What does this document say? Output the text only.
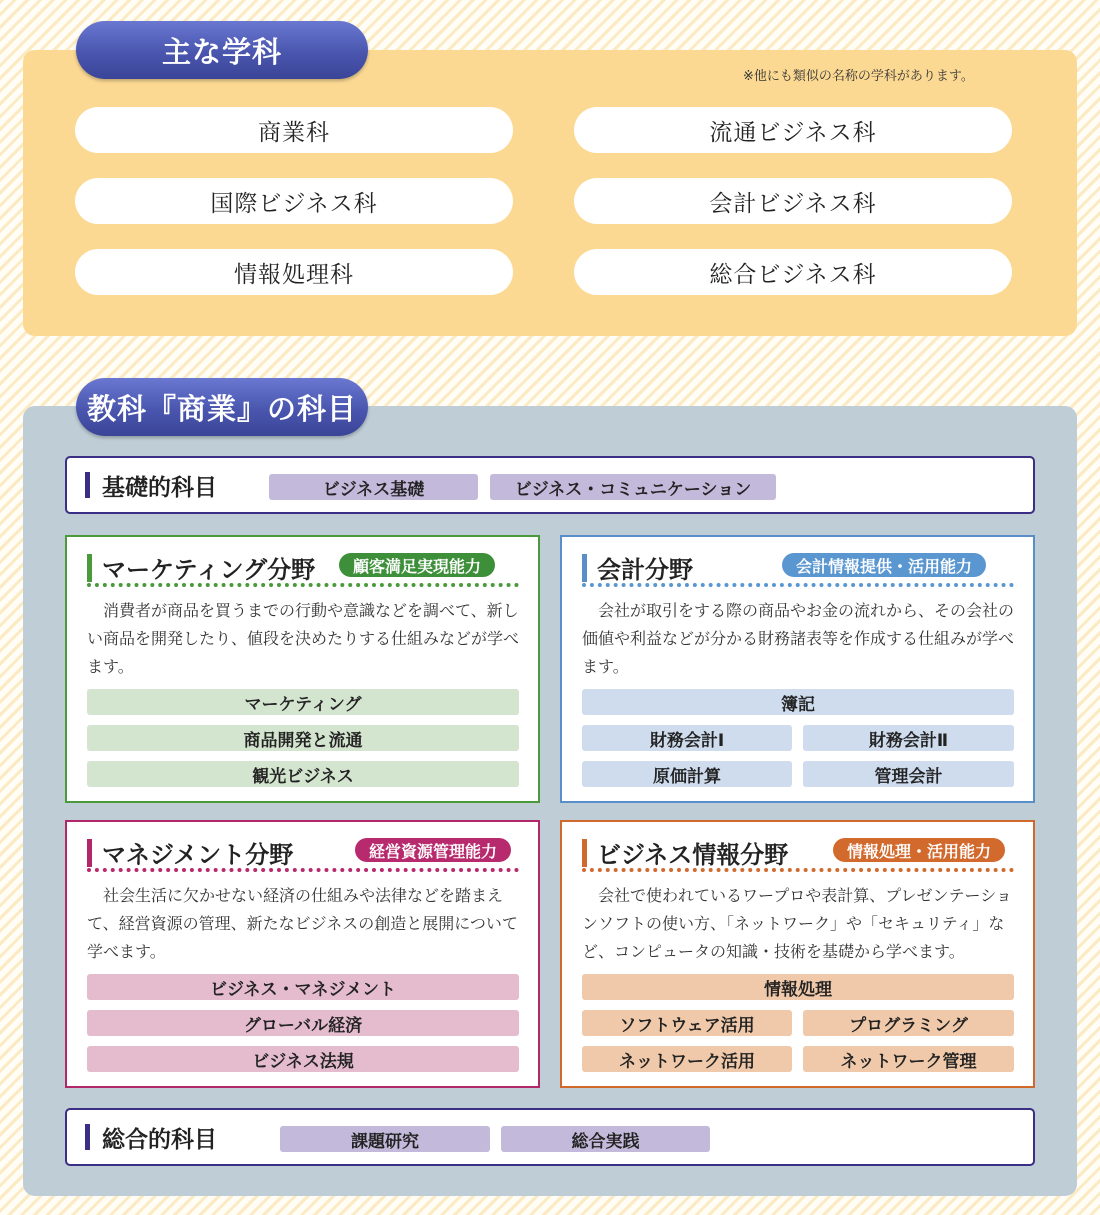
主な学科
※他にも類似の名称の学科があります。
商業科	流通ビジネス科
国際ビジネス科	会計ビジネス科
情報処理科	総合ビジネス科
教科『商業』の科目
基礎的科目	ビジネス基礎	ビジネス・コミュニケーション
マーケティング分野	顧客満足実現能力
消費者が商品を買うまでの行動や意識などを調べて、新しい商品を開発したり、値段を決めたりする仕組みなどが学べます。
マーケティング
商品開発と流通
観光ビジネス
会計分野	会計情報提供・活用能力
会社が取引をする際の商品やお金の流れから、その会社の価値や利益などが分かる財務諸表等を作成する仕組みが学べます。
簿記
財務会計Ⅰ	財務会計Ⅱ
原価計算	管理会計
マネジメント分野	経営資源管理能力
社会生活に欠かせない経済の仕組みや法律などを踏まえて、経営資源の管理、新たなビジネスの創造と展開について学べます。
ビジネス・マネジメント
グローバル経済
ビジネス法規
ビジネス情報分野	情報処理・活用能力
会社で使われているワープロや表計算、プレゼンテーションソフトの使い方、「ネットワーク」や「セキュリティ」など、コンピュータの知識・技術を基礎から学べます。
情報処理
ソフトウェア活用	プログラミング
ネットワーク活用	ネットワーク管理
総合的科目	課題研究	総合実践
